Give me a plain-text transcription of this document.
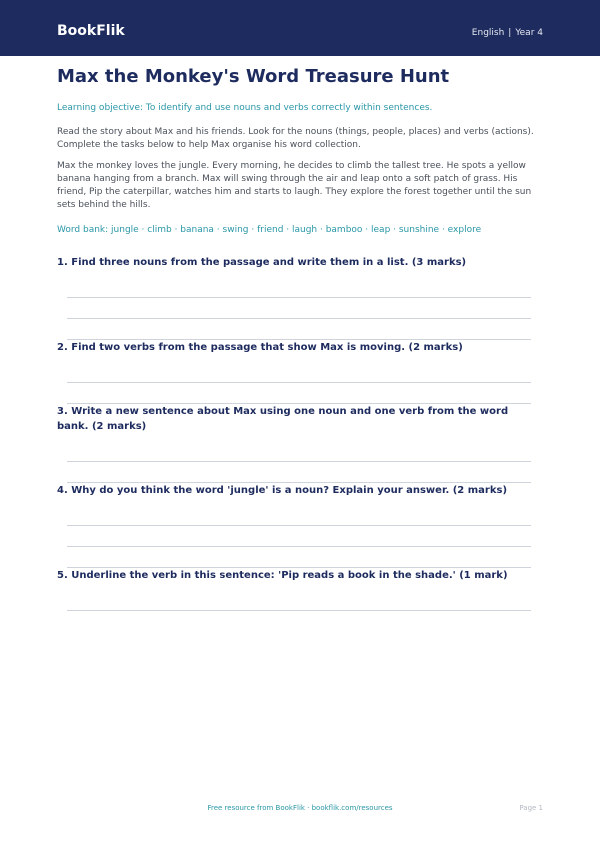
BookFlik	English | Year 4
Max the Monkey's Word Treasure Hunt
Learning objective: To identify and use nouns and verbs correctly within sentences.
Read the story about Max and his friends. Look for the nouns (things, people, places) and verbs (actions). Complete the tasks below to help Max organise his word collection.
Max the monkey loves the jungle. Every morning, he decides to climb the tallest tree. He spots a yellow banana hanging from a branch. Max will swing through the air and leap onto a soft patch of grass. His friend, Pip the caterpillar, watches him and starts to laugh. They explore the forest together until the sun sets behind the hills.
Word bank: jungle · climb · banana · swing · friend · laugh · bamboo · leap · sunshine · explore
1. Find three nouns from the passage and write them in a list. (3 marks)
2. Find two verbs from the passage that show Max is moving. (2 marks)
3. Write a new sentence about Max using one noun and one verb from the word bank. (2 marks)
4. Why do you think the word 'jungle' is a noun? Explain your answer. (2 marks)
5. Underline the verb in this sentence: 'Pip reads a book in the shade.' (1 mark)
Free resource from BookFlik · bookflik.com/resources	Page 1
